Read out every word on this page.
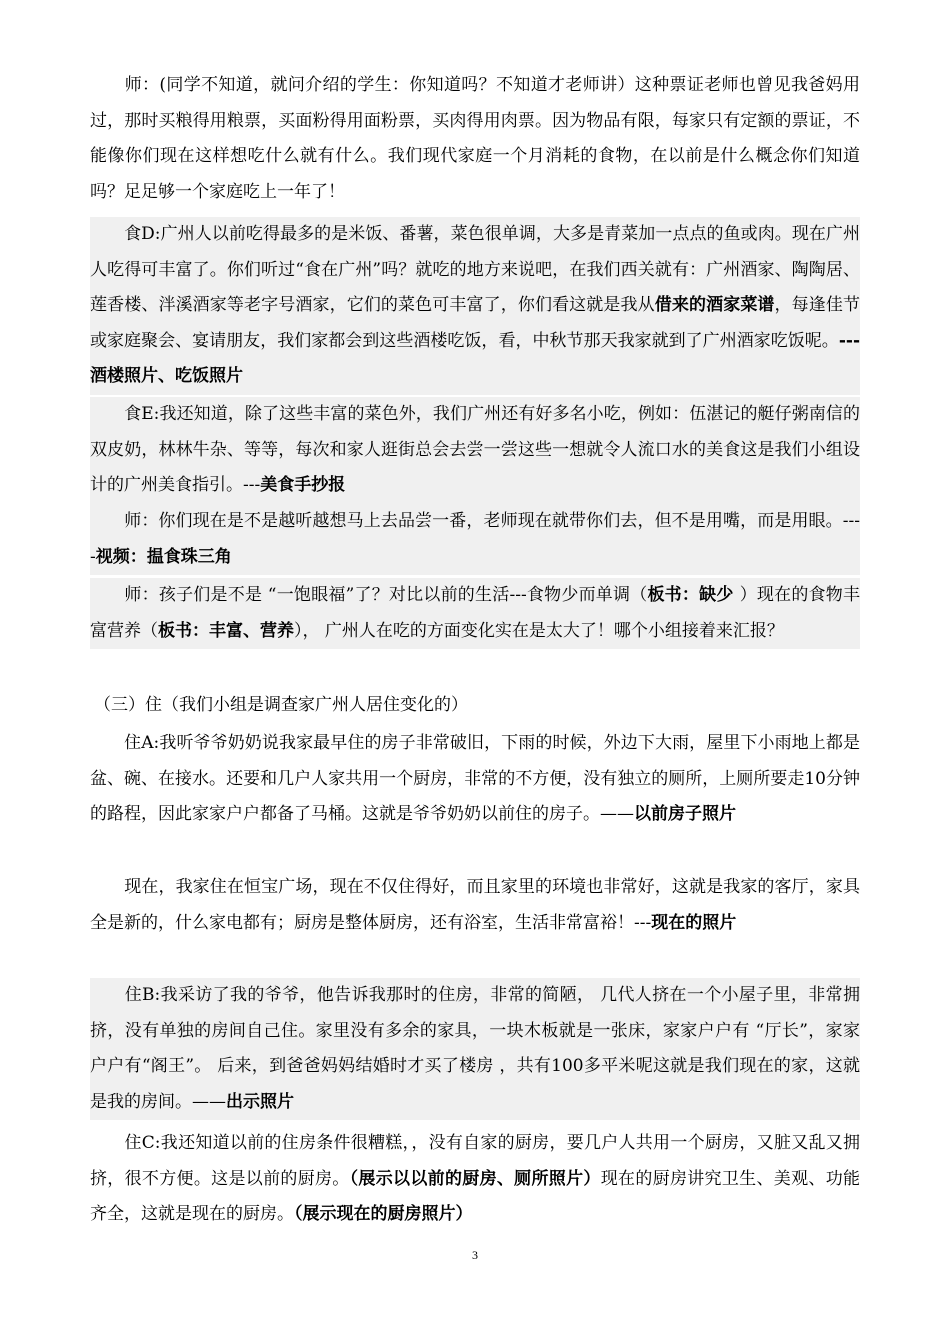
　　师：(同学不知道，就问介绍的学生：你知道吗？不知道才老师讲）这种票证老师也曾见我爸妈用过，那时买粮得用粮票，买面粉得用面粉票，买肉得用肉票。因为物品有限，每家只有定额的票证，不能像你们现在这样想吃什么就有什么。我们现代家庭一个月消耗的食物，在以前是什么概念你们知道吗？足足够一个家庭吃上一年了！

　　食D:广州人以前吃得最多的是米饭、番薯，菜色很单调，大多是青菜加一点点的鱼或肉。现在广州人吃得可丰富了。你们听过“食在广州”吗？就吃的地方来说吧，在我们西关就有：广州酒家、陶陶居、莲香楼、泮溪酒家等老字号酒家，它们的菜色可丰富了，你们看这就是我从借来的酒家菜谱，每逢佳节或家庭聚会、宴请朋友，我们家都会到这些酒楼吃饭，看，中秋节那天我家就到了广州酒家吃饭呢。---酒楼照片、吃饭照片

　　食E:我还知道，除了这些丰富的菜色外，我们广州还有好多名小吃，例如：伍湛记的艇仔粥南信的双皮奶，林林牛杂、等等，每次和家人逛街总会去尝一尝这些一想就令人流口水的美食这是我们小组设计的广州美食指引。---美食手抄报

　　师：你们现在是不是越听越想马上去品尝一番，老师现在就带你们去，但不是用嘴，而是用眼。----视频：揾食珠三角

　　师：孩子们是不是 “一饱眼福”了？对比以前的生活---食物少而单调（板书：缺少 ）现在的食物丰富营养（板书：丰富、营养）， 广州人在吃的方面变化实在是太大了！哪个小组接着来汇报？

（三）住（我们小组是调查家广州人居住变化的）

　　住A:我听爷爷奶奶说我家最早住的房子非常破旧，下雨的时候，外边下大雨，屋里下小雨地上都是盆、碗、在接水。还要和几户人家共用一个厨房，非常的不方便，没有独立的厕所，上厕所要走10分钟的路程，因此家家户户都备了马桶。这就是爷爷奶奶以前住的房子。——以前房子照片

　　现在，我家住在恒宝广场，现在不仅住得好，而且家里的环境也非常好，这就是我家的客厅，家具全是新的，什么家电都有；厨房是整体厨房，还有浴室，生活非常富裕！---现在的照片

　　住B:我采访了我的爷爷，他告诉我那时的住房，非常的简陋， 几代人挤在一个小屋子里，非常拥挤，没有单独的房间自己住。家里没有多余的家具，一块木板就是一张床，家家户户有 “厅长”，家家户户有“阁王”。 后来，到爸爸妈妈结婚时才买了楼房 ，共有100多平米呢这就是我们现在的家，这就是我的房间。——出示照片

　　住C:我还知道以前的住房条件很糟糕，，没有自家的厨房，要几户人共用一个厨房，又脏又乱又拥挤，很不方便。这是以前的厨房。（展示以以前的厨房、厕所照片）现在的厨房讲究卫生、美观、功能齐全，这就是现在的厨房。（展示现在的厨房照片）

3
